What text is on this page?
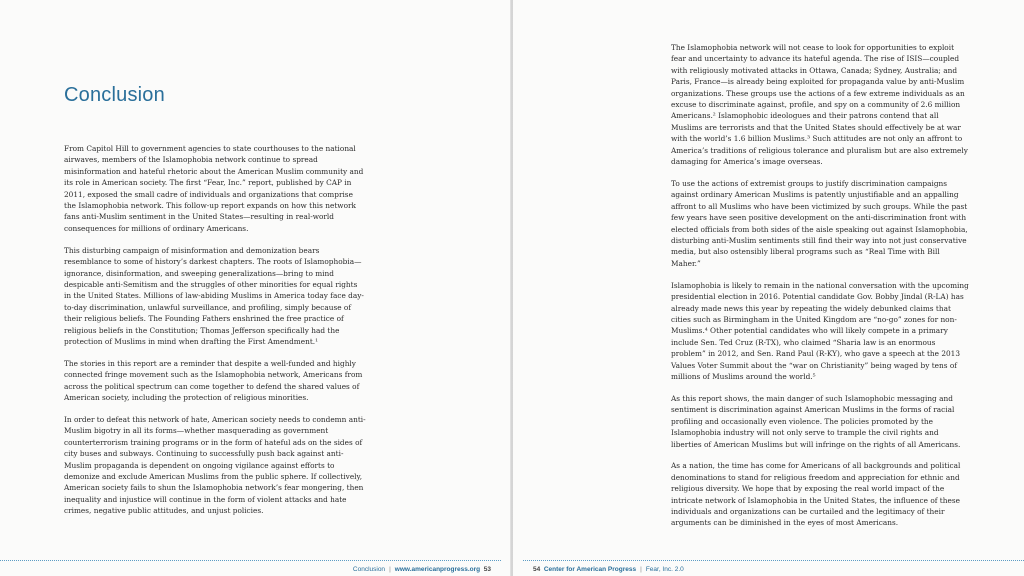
Conclusion

From Capitol Hill to government agencies to state courthouses to the national airwaves, members of the Islamophobia network continue to spread misinformation and hateful rhetoric about the American Muslim community and its role in American society. The first “Fear, Inc.” report, published by CAP in 2011, exposed the small cadre of individuals and organizations that comprise the Islamophobia network. This follow-up report expands on how this network fans anti-Muslim sentiment in the United States—resulting in real-world consequences for millions of ordinary Americans.

This disturbing campaign of misinformation and demonization bears resemblance to some of history’s darkest chapters. The roots of Islamophobia—ignorance, disinformation, and sweeping generalizations—bring to mind despicable anti-Semitism and the struggles of other minorities for equal rights in the United States. Millions of law-abiding Muslims in America today face day-to-day discrimination, unlawful surveillance, and profiling, simply because of their religious beliefs. The Founding Fathers enshrined the free practice of religious beliefs in the Constitution; Thomas Jefferson specifically had the protection of Muslims in mind when drafting the First Amendment.¹

The stories in this report are a reminder that despite a well-funded and highly connected fringe movement such as the Islamophobia network, Americans from across the political spectrum can come together to defend the shared values of American society, including the protection of religious minorities.

In order to defeat this network of hate, American society needs to condemn anti-Muslim bigotry in all its forms—whether masquerading as government counterterrorism training programs or in the form of hateful ads on the sides of city buses and subways. Continuing to successfully push back against anti-Muslim propaganda is dependent on ongoing vigilance against efforts to demonize and exclude American Muslims from the public sphere. If collectively, American society fails to shun the Islamophobia network’s fear mongering, then inequality and injustice will continue in the form of violent attacks and hate crimes, negative public attitudes, and unjust policies.

Conclusion | www.americanprogress.org 53

The Islamophobia network will not cease to look for opportunities to exploit fear and uncertainty to advance its hateful agenda. The rise of ISIS—coupled with religiously motivated attacks in Ottawa, Canada; Sydney, Australia; and Paris, France—is already being exploited for propaganda value by anti-Muslim organizations. These groups use the actions of a few extreme individuals as an excuse to discriminate against, profile, and spy on a community of 2.6 million Americans.² Islamophobic ideologues and their patrons contend that all Muslims are terrorists and that the United States should effectively be at war with the world’s 1.6 billion Muslims.³ Such attitudes are not only an affront to America’s traditions of religious tolerance and pluralism but are also extremely damaging for America’s image overseas.

To use the actions of extremist groups to justify discrimination campaigns against ordinary American Muslims is patently unjustifiable and an appalling affront to all Muslims who have been victimized by such groups. While the past few years have seen positive development on the anti-discrimination front with elected officials from both sides of the aisle speaking out against Islamophobia, disturbing anti-Muslim sentiments still find their way into not just conservative media, but also ostensibly liberal programs such as “Real Time with Bill Maher.”

Islamophobia is likely to remain in the national conversation with the upcoming presidential election in 2016. Potential candidate Gov. Bobby Jindal (R-LA) has already made news this year by repeating the widely debunked claims that cities such as Birmingham in the United Kingdom are “no-go” zones for non-Muslims.⁴ Other potential candidates who will likely compete in a primary include Sen. Ted Cruz (R-TX), who claimed “Sharia law is an enormous problem” in 2012, and Sen. Rand Paul (R-KY), who gave a speech at the 2013 Values Voter Summit about the “war on Christianity” being waged by tens of millions of Muslims around the world.⁵

As this report shows, the main danger of such Islamophobic messaging and sentiment is discrimination against American Muslims in the forms of racial profiling and occasionally even violence. The policies promoted by the Islamophobia industry will not only serve to trample the civil rights and liberties of American Muslims but will infringe on the rights of all Americans.

As a nation, the time has come for Americans of all backgrounds and political denominations to stand for religious freedom and appreciation for ethnic and religious diversity. We hope that by exposing the real world impact of the intricate network of Islamophobia in the United States, the influence of these individuals and organizations can be curtailed and the legitimacy of their arguments can be diminished in the eyes of most Americans.

54 Center for American Progress | Fear, Inc. 2.0
